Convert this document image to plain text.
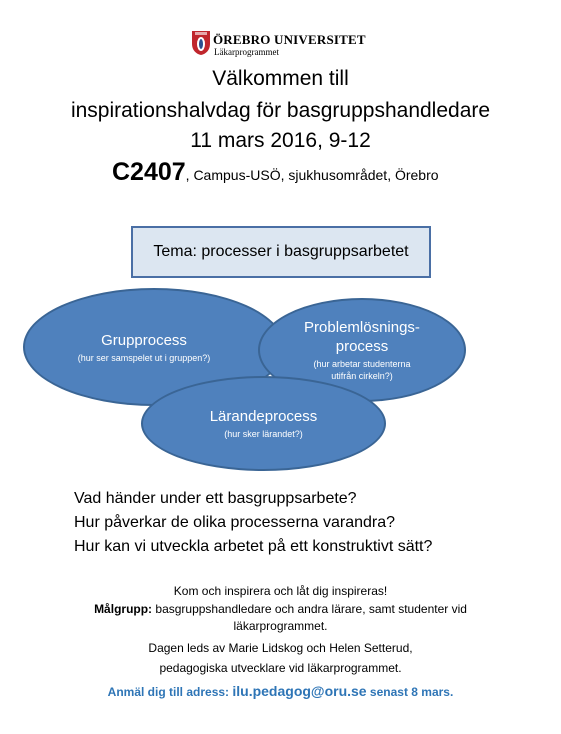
ÖREBRO UNIVERSITET
Läkarprogrammet
Välkommen till
inspirationshalvdag för basgruppshandledare
11 mars 2016, 9-12
C2407, Campus-USÖ, sjukhusområdet, Örebro
Tema: processer i basgruppsarbetet
Grupprocess
(hur ser samspelet ut i gruppen?)
Problemlösnings-
process
(hur arbetar studenterna
utifrån cirkeln?)
Lärandeprocess
(hur sker lärandet?)
Vad händer under ett basgruppsarbete?
Hur påverkar de olika processerna varandra?
Hur kan vi utveckla arbetet på ett konstruktivt sätt?
Kom och inspirera och låt dig inspireras!
Målgrupp: basgruppshandledare och andra lärare, samt studenter vid
läkarprogrammet.
Dagen leds av Marie Lidskog och Helen Setterud,
pedagogiska utvecklare vid läkarprogrammet.
Anmäl dig till adress: ilu.pedagog@oru.se senast 8 mars.
